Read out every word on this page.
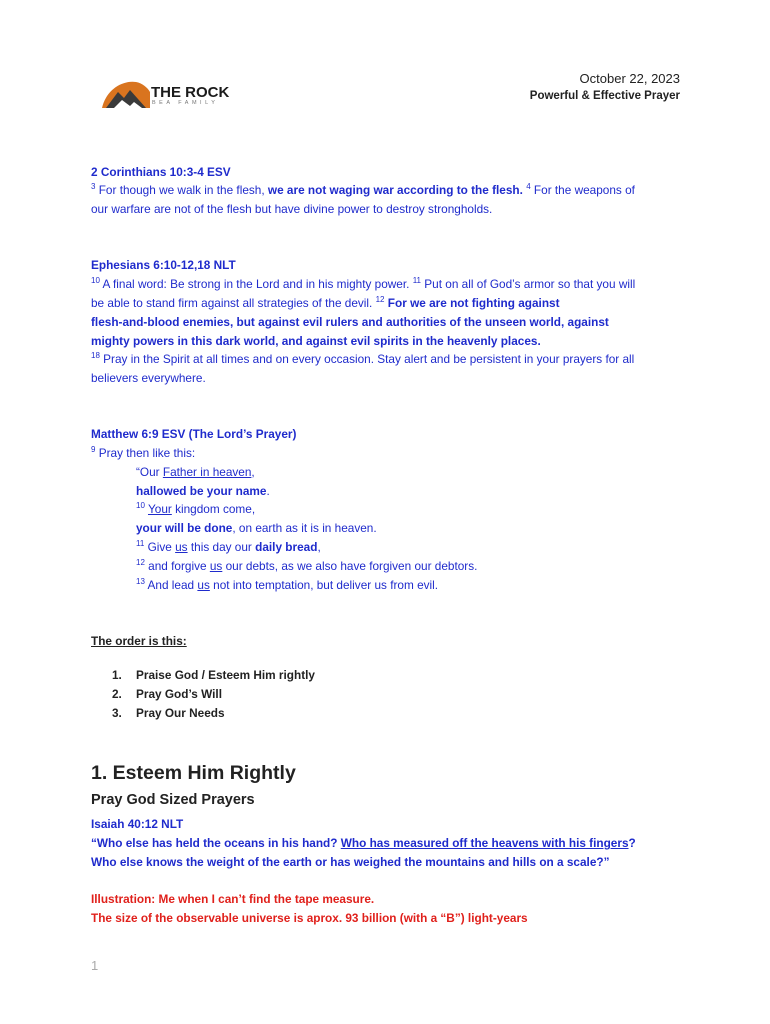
THE ROCK
BEA FAMILY
October 22, 2023
Powerful & Effective Prayer
2 Corinthians 10:3-4 ESV
$^3$ For though we walk in the flesh, we are not waging war according to the flesh. $^4$ For the weapons of
our warfare are not of the flesh but have divine power to destroy strongholds.
Ephesians 6:10-12,18 NLT
$^{10}$ A final word: Be strong in the Lord and in his mighty power. $^{11}$ Put on all of God’s armor so that you will
be able to stand firm against all strategies of the devil. $^{12}$ For we are not fighting against
flesh-and-blood enemies, but against evil rulers and authorities of the unseen world, against
mighty powers in this dark world, and against evil spirits in the heavenly places.
$^{18}$ Pray in the Spirit at all times and on every occasion. Stay alert and be persistent in your prayers for all
believers everywhere.
Matthew 6:9 ESV (The Lord’s Prayer)
$^9$ Pray then like this:
“Our Father in heaven,
hallowed be your name.
$^{10}$ Your kingdom come,
your will be done, on earth as it is in heaven.
$^{11}$ Give us this day our daily bread,
$^{12}$ and forgive us our debts, as we also have forgiven our debtors.
$^{13}$ And lead us not into temptation, but deliver us from evil.
The order is this:
1. Praise God / Esteem Him rightly
2. Pray God’s Will
3. Pray Our Needs
1. Esteem Him Rightly
Pray God Sized Prayers
Isaiah 40:12 NLT
“Who else has held the oceans in his hand? Who has measured off the heavens with his fingers?
Who else knows the weight of the earth or has weighed the mountains and hills on a scale?”
Illustration: Me when I can’t find the tape measure.
The size of the observable universe is aprox. 93 billion (with a “B”) light-years
1
